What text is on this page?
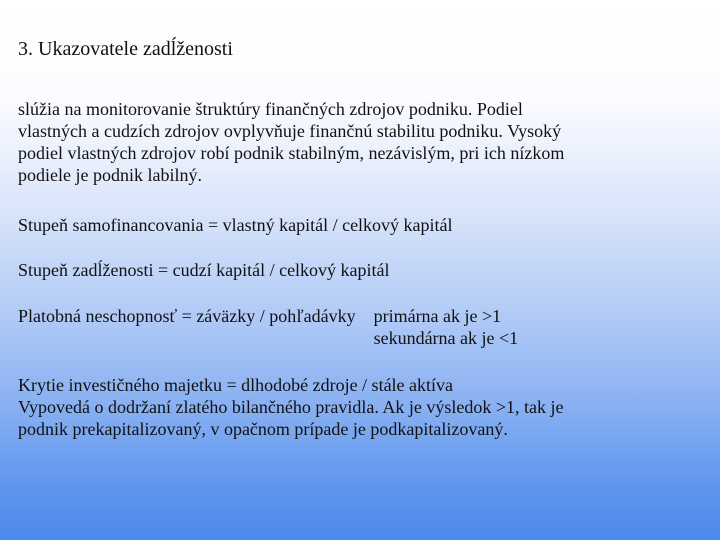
3. Ukazovatele zadĺženosti
slúžia na monitorovanie štruktúry finančných zdrojov podniku. Podiel
vlastných a cudzích zdrojov ovplyvňuje finančnú stabilitu podniku. Vysoký
podiel vlastných zdrojov robí podnik stabilným, nezávislým, pri ich nízkom
podiele je podnik labilný.
Stupeň samofinancovania = vlastný kapitál / celkový kapitál
Stupeň zadĺženosti = cudzí kapitál / celkový kapitál
Platobná neschopnosť = záväzky / pohľadávky	primárna ak je >1
sekundárna ak je <1
Krytie investičného majetku = dlhodobé zdroje / stále aktíva
Vypovedá o dodržaní zlatého bilančného pravidla. Ak je výsledok >1, tak je
podnik prekapitalizovaný, v opačnom prípade je podkapitalizovaný.
